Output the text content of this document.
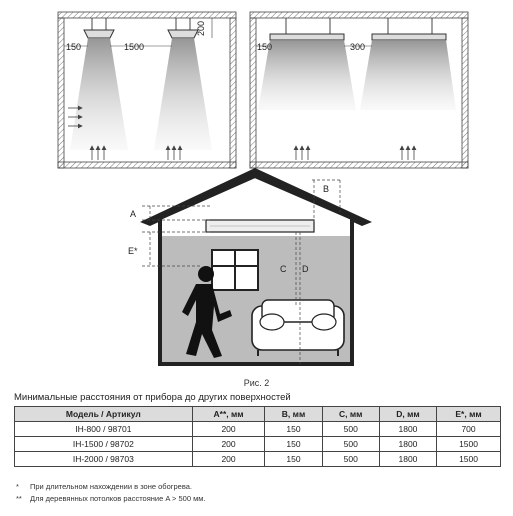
150	1500
200
150	300
A
B
C D
E*
Рис. 2
Минимальные расстояния от прибора до других поверхностей
Модель / Артикул	A**, мм	B, мм	C, мм	D, мм	E*, мм
IH-800 / 98701	200	150	500	1800	700
IH-1500 / 98702	200	150	500	1800	1500
IH-2000 / 98703	200	150	500	1800	1500
* При длительном нахождении в зоне обогрева.
** Для деревянных потолков расстояние A > 500 мм.
